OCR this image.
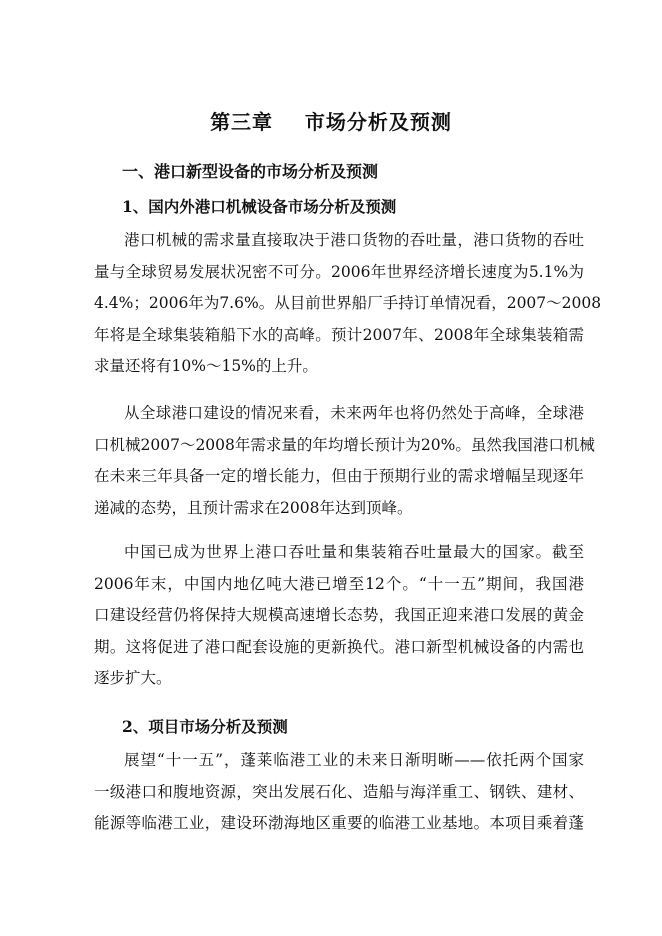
第三章    市场分析及预测
一、港口新型设备的市场分析及预测
1、国内外港口机械设备市场分析及预测

港口机械的需求量直接取决于港口货物的吞吐量，港口货物的吞吐
量与全球贸易发展状况密不可分。2006年世界经济增长速度为5.1%为
4.4%；2006年为7.6%。从目前世界船厂手持订单情况看，2007～2008
年将是全球集装箱船下水的高峰。预计2007年、2008年全球集装箱需
求量还将有10%～15%的上升。

从全球港口建设的情况来看，未来两年也将仍然处于高峰，全球港
口机械2007～2008年需求量的年均增长预计为20%。虽然我国港口机械
在未来三年具备一定的增长能力，但由于预期行业的需求增幅呈现逐年
递减的态势，且预计需求在2008年达到顶峰。

中国已成为世界上港口吞吐量和集装箱吞吐量最大的国家。截至
2006年末，中国内地亿吨大港已增至12个。“十一五”期间，我国港
口建设经营仍将保持大规模高速增长态势，我国正迎来港口发展的黄金
期。这将促进了港口配套设施的更新换代。港口新型机械设备的内需也
逐步扩大。

2、项目市场分析及预测

展望“十一五”，蓬莱临港工业的未来日渐明晰——依托两个国家
一级港口和腹地资源，突出发展石化、造船与海洋重工、钢铁、建材、
能源等临港工业，建设环渤海地区重要的临港工业基地。本项目乘着蓬
